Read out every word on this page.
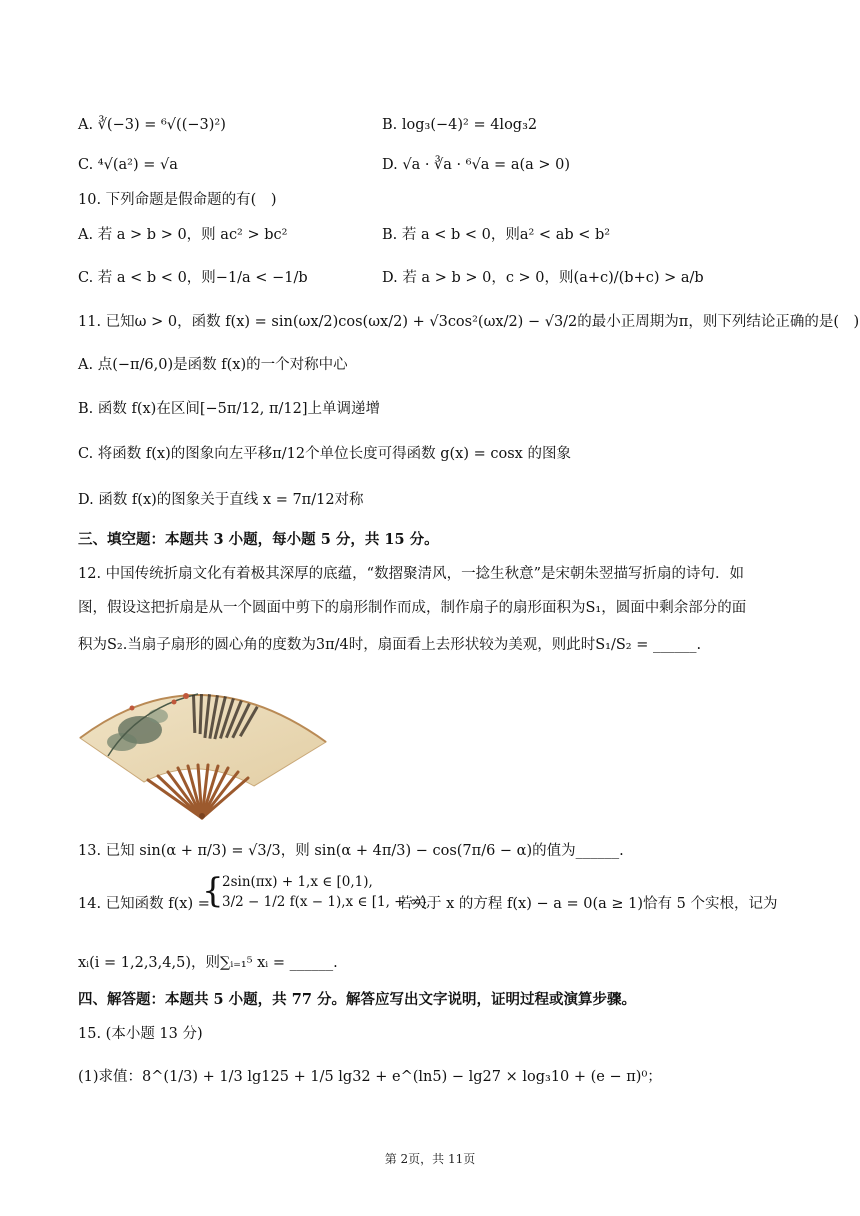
A. ∛(−3) = ⁶√((−3)²)	B. log₃(−4)² = 4log₃2
C. ⁴√(a²) = √a	D. √a · ∛a · ⁶√a = a(a > 0)
10. 下列命题是假命题的有(　)
A. 若 a > b > 0，则 ac² > bc²	B. 若 a < b < 0，则a² < ab < b²
C. 若 a < b < 0，则−1/a < −1/b	D. 若 a > b > 0，c > 0，则(a+c)/(b+c) > a/b
11. 已知ω > 0，函数 f(x) = sin(ωx/2)cos(ωx/2) + √3cos²(ωx/2) − √3/2的最小正周期为π，则下列结论正确的是(　)
A. 点(−π/6,0)是函数 f(x)的一个对称中心
B. 函数 f(x)在区间[−5π/12, π/12]上单调递增
C. 将函数 f(x)的图象向左平移π/12个单位长度可得函数 g(x) = cosx 的图象
D. 函数 f(x)的图象关于直线 x = 7π/12对称
三、填空题：本题共 3 小题，每小题 5 分，共 15 分。
12. 中国传统折扇文化有着极其深厚的底蕴，“数摺聚清风，一捻生秋意”是宋朝朱翌描写折扇的诗句．如
图，假设这把折扇是从一个圆面中剪下的扇形制作而成，制作扇子的扇形面积为S₁，圆面中剩余部分的面
积为S₂.当扇子扇形的圆心角的度数为3π/4时，扇面看上去形状较为美观，则此时S₁/S₂ = ______.
13. 已知 sin(α + π/3) = √3/3，则 sin(α + 4π/3) − cos(7π/6 − α)的值为______.
14. 已知函数 f(x) =
{
2sin(πx) + 1,x ∈ [0,1),
3/2 − 1/2 f(x − 1),x ∈ [1, + ∞),
若关于 x 的方程 f(x) − a = 0(a ≥ 1)恰有 5 个实根，记为
xᵢ(i = 1,2,3,4,5)，则∑ᵢ₌₁⁵ xᵢ = ______.
四、解答题：本题共 5 小题，共 77 分。解答应写出文字说明，证明过程或演算步骤。
15. (本小题 13 分)
(1)求值：8^(1/3) + 1/3 lg125 + 1/5 lg32 + e^(ln5) − lg27 × log₃10 + (e − π)⁰；
第 2页，共 11页
